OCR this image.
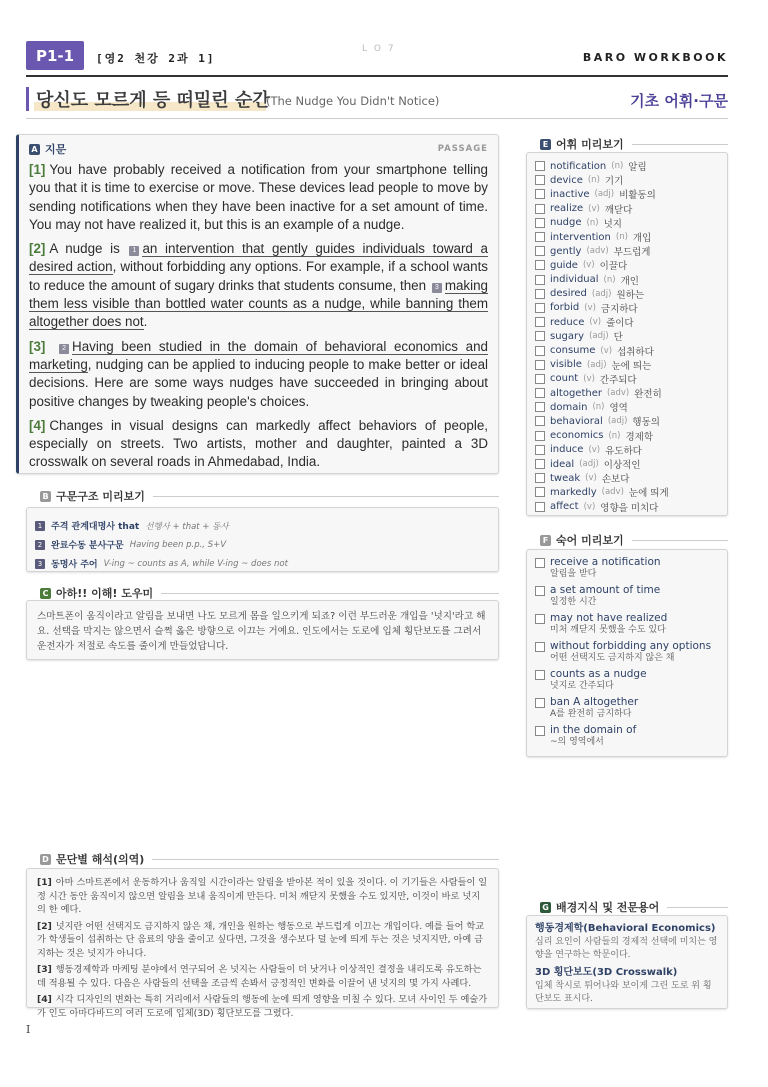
P1-1	[영2 천강 2과 1]
L O 7
BARO WORKBOOK
당신도 모르게 등 떠밀린 순간
(The Nudge You Didn't Notice)	기초 어휘·구문
A 지문	PASSAGE

[1] You have probably received a notification from your smartphone telling you that it is time to exercise or move. These devices lead people to move by sending notifications when they have been inactive for a set amount of time. You may not have realized it, but this is an example of a nudge.

[2] A nudge is 1 an intervention that gently guides individuals toward a desired action, without forbidding any options. For example, if a school wants to reduce the amount of sugary drinks that students consume, then 3 making them less visible than bottled water counts as a nudge, while banning them altogether does not.

[3] 2 Having been studied in the domain of behavioral economics and marketing, nudging can be applied to inducing people to make better or ideal decisions. Here are some ways nudges have succeeded in bringing about positive changes by tweaking people's choices.

[4] Changes in visual designs can markedly affect behaviors of people, especially on streets. Two artists, mother and daughter, painted a 3D crosswalk on several roads in Ahmedabad, India.

B 구문구조 미리보기
1 주격 관계대명사 that 선행사 + that + 동사
2 완료수동 분사구문 Having been p.p., S+V
3 동명사 주어 V-ing ~ counts as A, while V-ing ~ does not
C 아하!! 이해! 도우미

스마트폰이 움직이라고 알림을 보내면 나도 모르게 몸을 일으키게 되죠? 이런 부드러운 개입을 '넛지'라고 해요. 선택을 막지는 않으면서 슬쩍 옳은 방향으로 이끄는 거예요. 인도에서는 도로에 입체 횡단보도를 그려서 운전자가 저절로 속도를 줄이게 만들었답니다.

D 문단별 해석(의역)

[1] 아마 스마트폰에서 운동하거나 움직일 시간이라는 알림을 받아본 적이 있을 것이다. 이 기기들은 사람들이 일정 시간 동안 움직이지 않으면 알림을 보내 움직이게 만든다. 미처 깨닫지 못했을 수도 있지만, 이것이 바로 넛지의 한 예다.

[2] 넛지란 어떤 선택지도 금지하지 않은 채, 개인을 원하는 행동으로 부드럽게 이끄는 개입이다. 예를 들어 학교가 학생들이 섭취하는 단 음료의 양을 줄이고 싶다면, 그것을 생수보다 덜 눈에 띄게 두는 것은 넛지지만, 아예 금지하는 것은 넛지가 아니다.

[3] 행동경제학과 마케팅 분야에서 연구되어 온 넛지는 사람들이 더 낫거나 이상적인 결정을 내리도록 유도하는 데 적용될 수 있다. 다음은 사람들의 선택을 조금씩 손봐서 긍정적인 변화를 이끌어 낸 넛지의 몇 가지 사례다.

[4] 시각 디자인의 변화는 특히 거리에서 사람들의 행동에 눈에 띄게 영향을 미칠 수 있다. 모녀 사이인 두 예술가가 인도 아마다바드의 여러 도로에 입체(3D) 횡단보도를 그렸다.

E 어휘 미리보기
notification (n) 알림
device (n) 기기
inactive (adj) 비활동의
realize (v) 깨닫다
nudge (n) 넛지
intervention (n) 개입
gently (adv) 부드럽게
guide (v) 이끌다
individual (n) 개인
desired (adj) 원하는
forbid (v) 금지하다
reduce (v) 줄이다
sugary (adj) 단
consume (v) 섭취하다
visible (adj) 눈에 띄는
count (v) 간주되다
altogether (adv) 완전히
domain (n) 영역
behavioral (adj) 행동의
economics (n) 경제학
induce (v) 유도하다
ideal (adj) 이상적인
tweak (v) 손보다
markedly (adv) 눈에 띄게
affect (v) 영향을 미치다
F 숙어 미리보기
receive a notification
알림을 받다
a set amount of time
일정한 시간
may not have realized
미처 깨닫지 못했을 수도 있다
without forbidding any options
어떤 선택지도 금지하지 않은 채
counts as a nudge
넛지로 간주되다
ban A altogether
A를 완전히 금지하다
in the domain of
~의 영역에서
G 배경지식 및 전문용어
행동경제학(Behavioral Economics)
심리 요인이 사람들의 경제적 선택에 미치는 영향을 연구하는 학문이다.
3D 횡단보도(3D Crosswalk)
입체 착시로 튀어나와 보이게 그린 도로 위 횡단보도 표시다.
I
